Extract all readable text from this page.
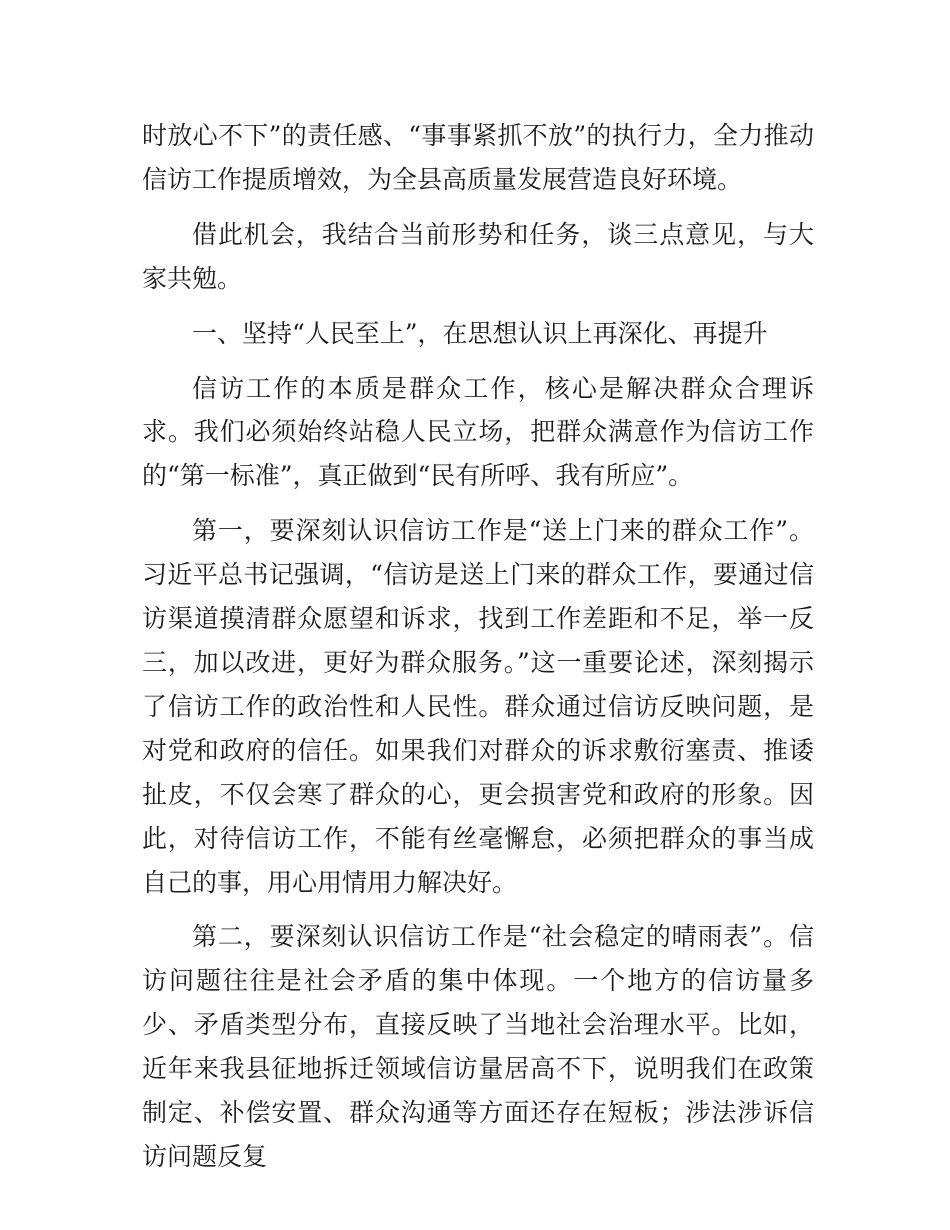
时放心不下”的责任感、“事事紧抓不放”的执行力，全力推动信访工作提质增效，为全县高质量发展营造良好环境。

借此机会，我结合当前形势和任务，谈三点意见，与大家共勉。

一、坚持“人民至上”，在思想认识上再深化、再提升

信访工作的本质是群众工作，核心是解决群众合理诉求。我们必须始终站稳人民立场，把群众满意作为信访工作的“第一标准”，真正做到“民有所呼、我有所应”。

第一，要深刻认识信访工作是“送上门来的群众工作”。习近平总书记强调，“信访是送上门来的群众工作，要通过信访渠道摸清群众愿望和诉求，找到工作差距和不足，举一反三，加以改进，更好为群众服务。”这一重要论述，深刻揭示了信访工作的政治性和人民性。群众通过信访反映问题，是对党和政府的信任。如果我们对群众的诉求敷衍塞责、推诿扯皮，不仅会寒了群众的心，更会损害党和政府的形象。因此，对待信访工作，不能有丝毫懈怠，必须把群众的事当成自己的事，用心用情用力解决好。

第二，要深刻认识信访工作是“社会稳定的晴雨表”。信访问题往往是社会矛盾的集中体现。一个地方的信访量多少、矛盾类型分布，直接反映了当地社会治理水平。比如，近年来我县征地拆迁领域信访量居高不下，说明我们在政策制定、补偿安置、群众沟通等方面还存在短板；涉法涉诉信访问题反复
